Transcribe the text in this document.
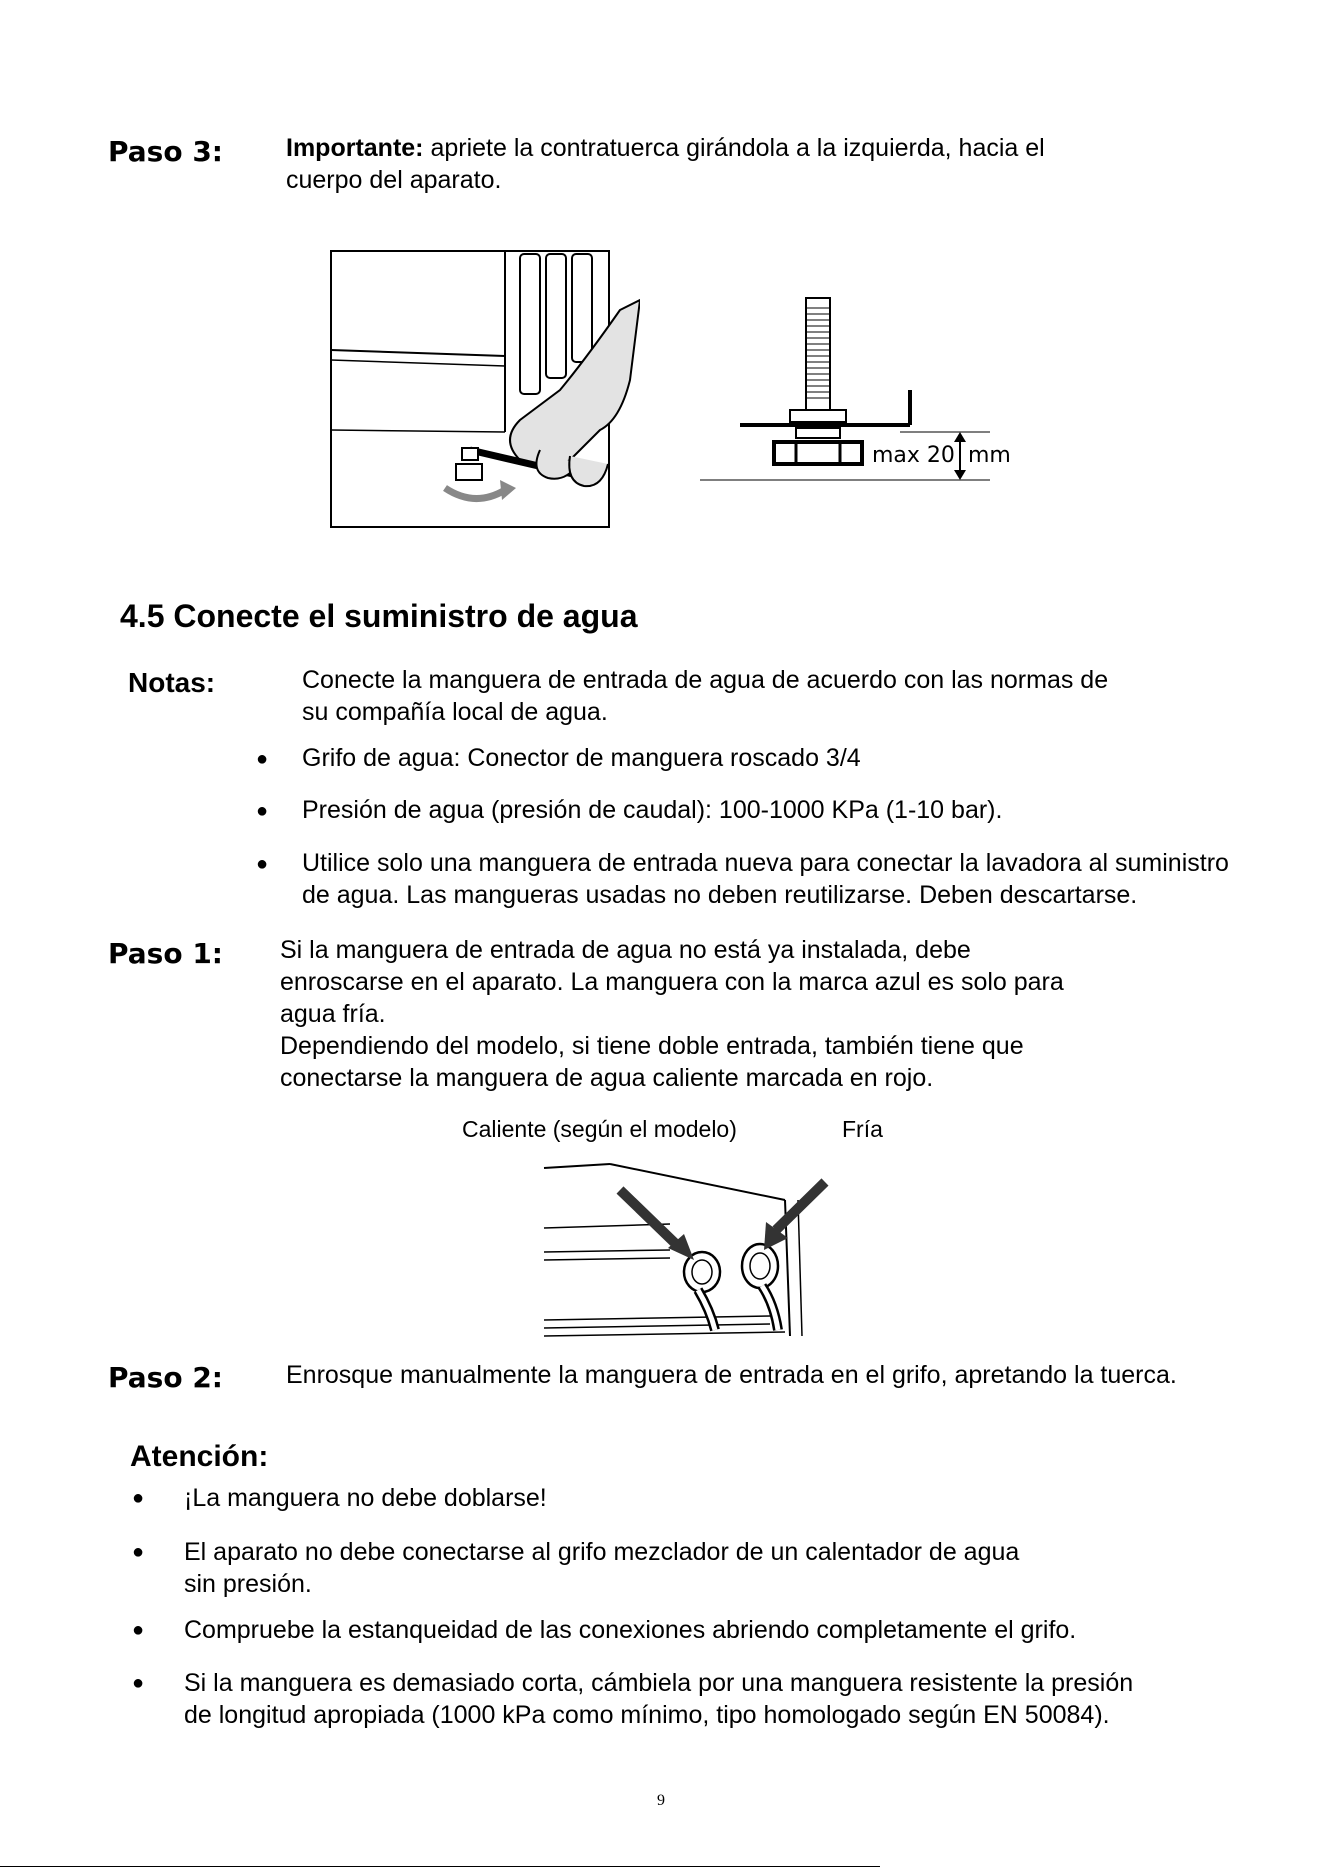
Paso 3:	Importante: apriete la contratuerca girándola a la izquierda, hacia el
cuerpo del aparato.
max 20 mm
4.5 Conecte el suministro de agua
Notas:	Conecte la manguera de entrada de agua de acuerdo con las normas de
su compañía local de agua.
● Grifo de agua: Conector de manguera roscado 3/4
● Presión de agua (presión de caudal): 100-1000 KPa (1-10 bar).
● Utilice solo una manguera de entrada nueva para conectar la lavadora al suministro
de agua. Las mangueras usadas no deben reutilizarse. Deben descartarse.
Paso 1: Si la manguera de entrada de agua no está ya instalada, debe
enroscarse en el aparato. La manguera con la marca azul es solo para
agua fría.
Dependiendo del modelo, si tiene doble entrada, también tiene que
conectarse la manguera de agua caliente marcada en rojo.
Caliente (según el modelo)	Fría
Paso 2:	Enrosque manualmente la manguera de entrada en el grifo, apretando la tuerca.
Atención:
● ¡La manguera no debe doblarse!
● El aparato no debe conectarse al grifo mezclador de un calentador de agua
sin presión.
● Compruebe la estanqueidad de las conexiones abriendo completamente el grifo.
● Si la manguera es demasiado corta, cámbiela por una manguera resistente la presión
de longitud apropiada (1000 kPa como mínimo, tipo homologado según EN 50084).
9
